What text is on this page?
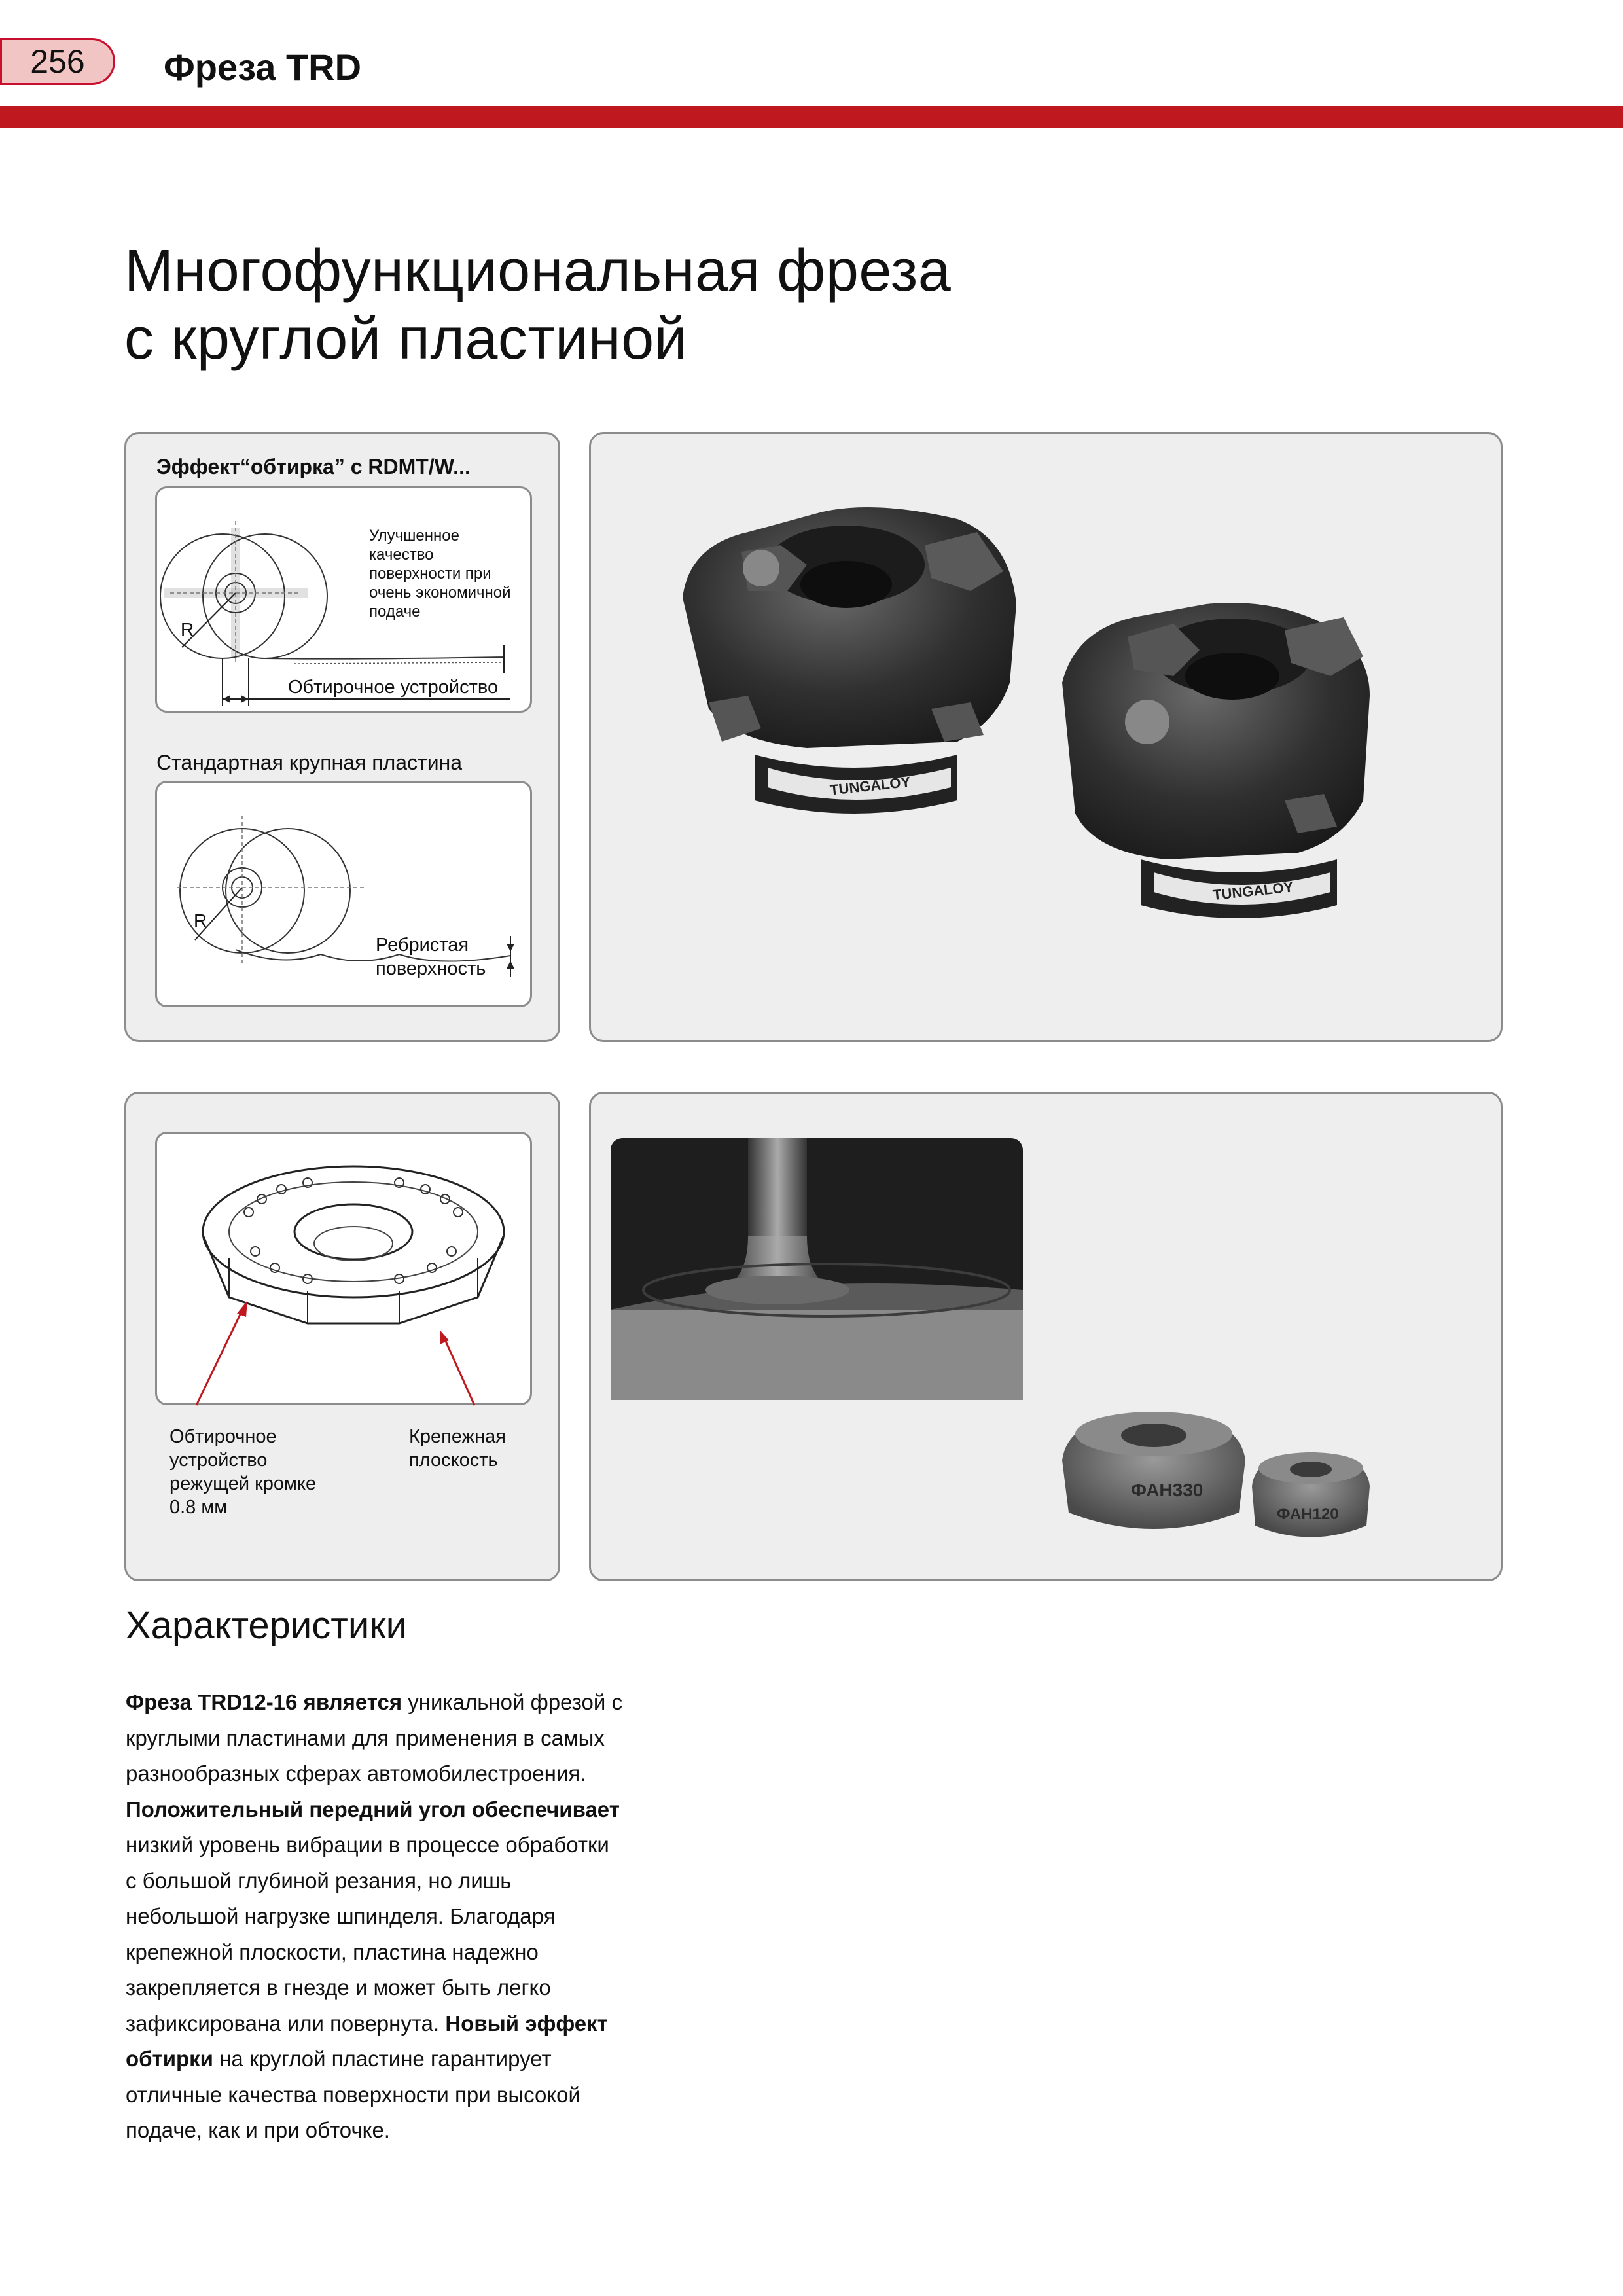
256	Фреза TRD
Многофункциональная фреза
с круглой пластиной
Эффект“обтирка” с RDMT/W...
R
Улучшенное
качество
поверхности при
очень экономичной
подаче
Обтирочное устройство
Стандартная крупная пластина
R
Ребристая
поверхность
TUNGALOY
TUNGALOY
Обтирочное
устройство
режущей кромке
0.8 мм
Крепежная
плоскость
ФАН330
ФАН120
Характеристики
Фреза TRD12-16 является уникальной фрезой с круглыми пластинами для применения в самых разнообразных сферах автомобилестроения. Положительный передний угол обеспечивает низкий уровень вибрации в процессе обработки с большой глубиной резания, но лишь небольшой нагрузке шпинделя. Благодаря крепежной плоскости, пластина надежно закрепляется в гнезде и может быть легко зафиксирована или повернута. Новый эффект обтирки на круглой пластине гарантирует отличные качества поверхности при высокой подаче, как и при обточке.
